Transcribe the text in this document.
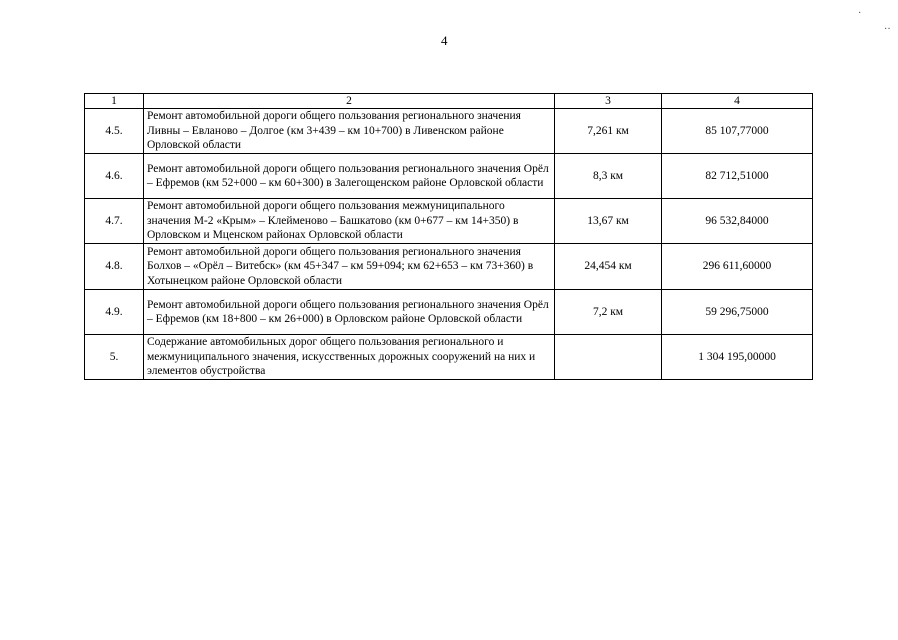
4
·
··
1	2	3	4
4.5.	Ремонт автомобильной дороги общего пользования регионального значения Ливны – Евланово – Долгое (км 3+439 – км 10+700) в Ливенском районе Орловской области	7,261 км	85 107,77000
4.6.	Ремонт автомобильной дороги общего пользования регионального значения Орёл – Ефремов (км 52+000 – км 60+300) в Залегощенском районе Орловской области	8,3 км	82 712,51000
4.7.	Ремонт автомобильной дороги общего пользования межмуниципального значения М-2 «Крым» – Клейменово – Башкатово (км 0+677 – км 14+350) в Орловском и Мценском районах Орловской области	13,67 км	96 532,84000
4.8.	Ремонт автомобильной дороги общего пользования регионального значения Болхов – «Орёл – Витебск» (км 45+347 – км 59+094; км 62+653 – км 73+360) в Хотынецком районе Орловской области	24,454 км	296 611,60000
4.9.	Ремонт автомобильной дороги общего пользования регионального значения Орёл – Ефремов (км 18+800 – км 26+000) в Орловском районе Орловской области	7,2 км	59 296,75000
5.	Содержание автомобильных дорог общего пользования регионального и межмуниципального значения, искусственных дорожных сооружений на них и элементов обустройства		1 304 195,00000
